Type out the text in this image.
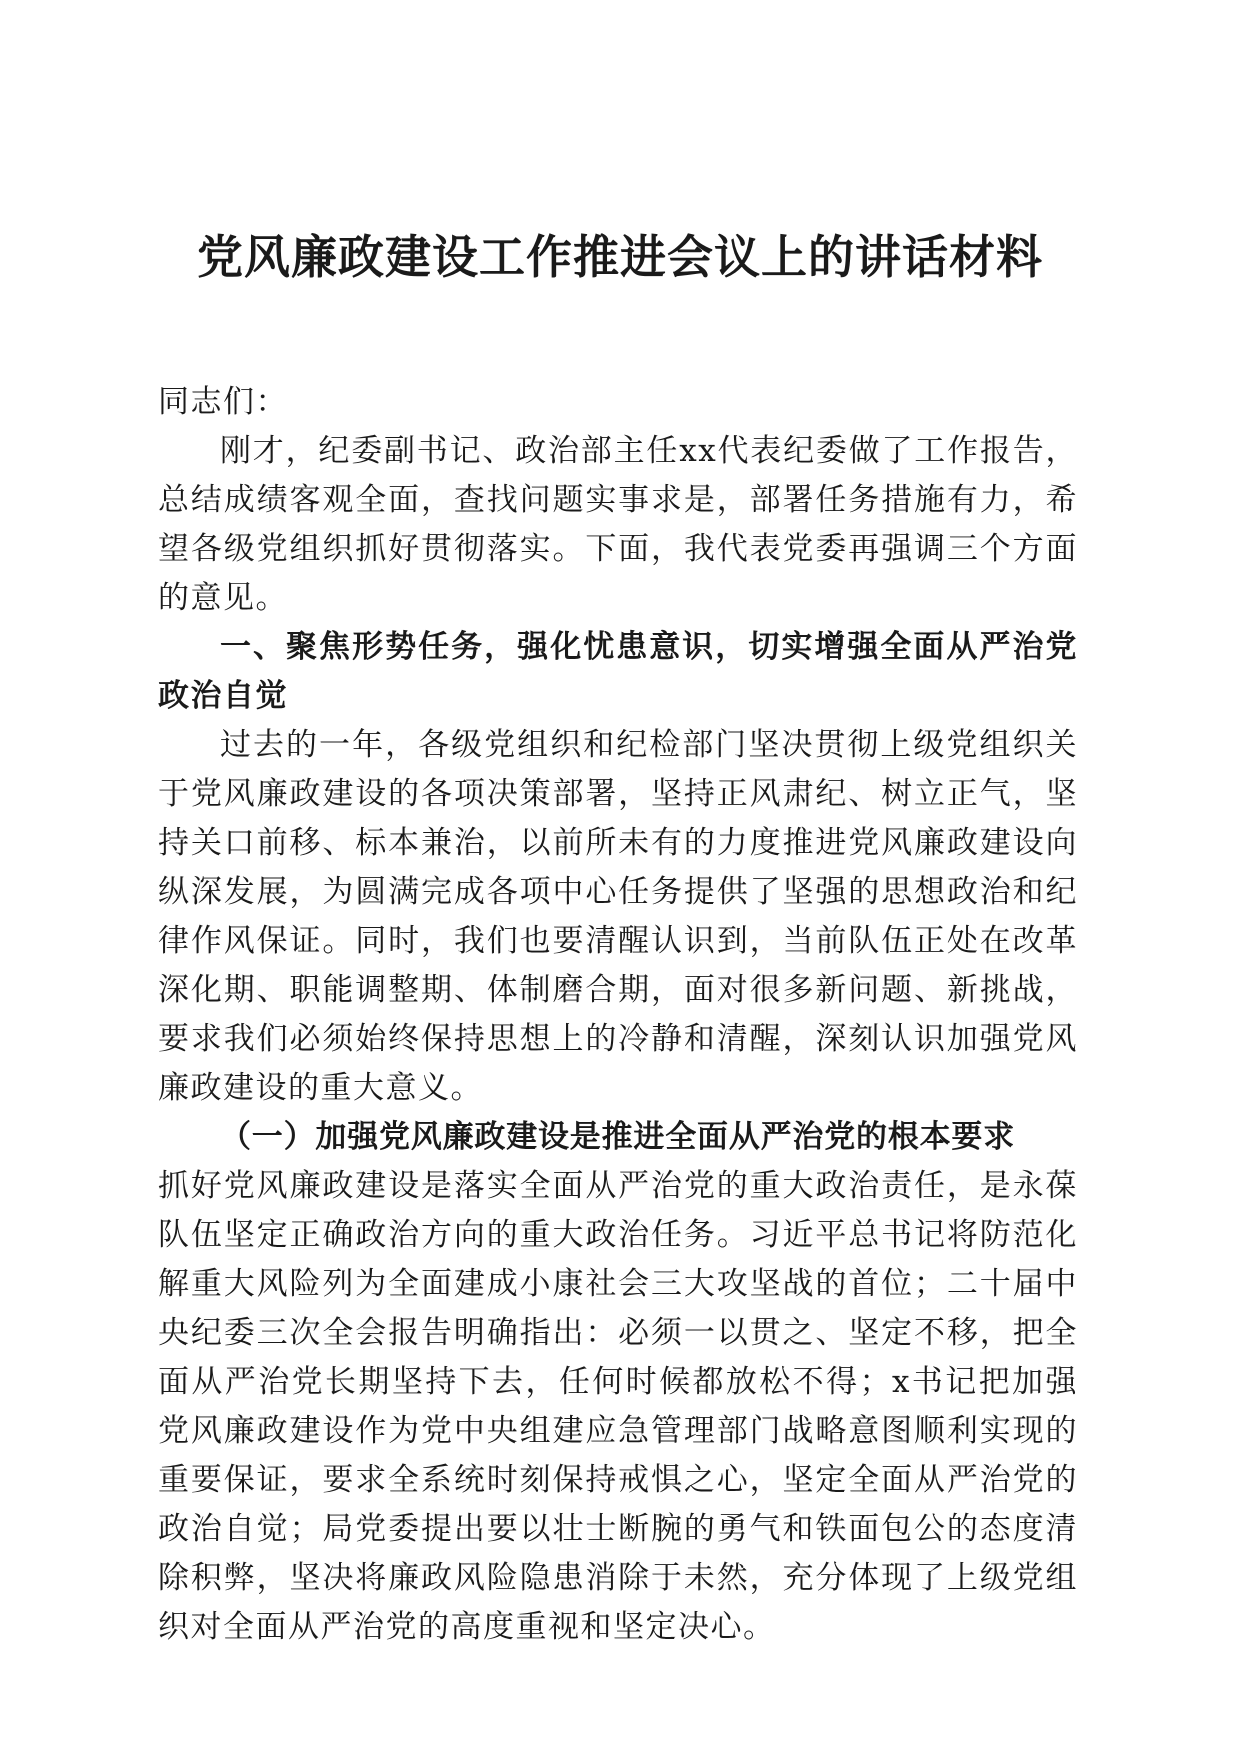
党风廉政建设工作推进会议上的讲话材料

同志们：

刚才，纪委副书记、政治部主任xx代表纪委做了工作报告，总结成绩客观全面，查找问题实事求是，部署任务措施有力，希望各级党组织抓好贯彻落实。下面，我代表党委再强调三个方面的意见。

一、聚焦形势任务，强化忧患意识，切实增强全面从严治党政治自觉

过去的一年，各级党组织和纪检部门坚决贯彻上级党组织关于党风廉政建设的各项决策部署，坚持正风肃纪、树立正气，坚持关口前移、标本兼治，以前所未有的力度推进党风廉政建设向纵深发展，为圆满完成各项中心任务提供了坚强的思想政治和纪律作风保证。同时，我们也要清醒认识到，当前队伍正处在改革深化期、职能调整期、体制磨合期，面对很多新问题、新挑战，要求我们必须始终保持思想上的冷静和清醒，深刻认识加强党风廉政建设的重大意义。

（一）加强党风廉政建设是推进全面从严治党的根本要求

抓好党风廉政建设是落实全面从严治党的重大政治责任，是永葆队伍坚定正确政治方向的重大政治任务。习近平总书记将防范化解重大风险列为全面建成小康社会三大攻坚战的首位；二十届中央纪委三次全会报告明确指出：必须一以贯之、坚定不移，把全面从严治党长期坚持下去，任何时候都放松不得；x书记把加强党风廉政建设作为党中央组建应急管理部门战略意图顺利实现的重要保证，要求全系统时刻保持戒惧之心，坚定全面从严治党的政治自觉；局党委提出要以壮士断腕的勇气和铁面包公的态度清除积弊，坚决将廉政风险隐患消除于未然，充分体现了上级党组织对全面从严治党的高度重视和坚定决心。
